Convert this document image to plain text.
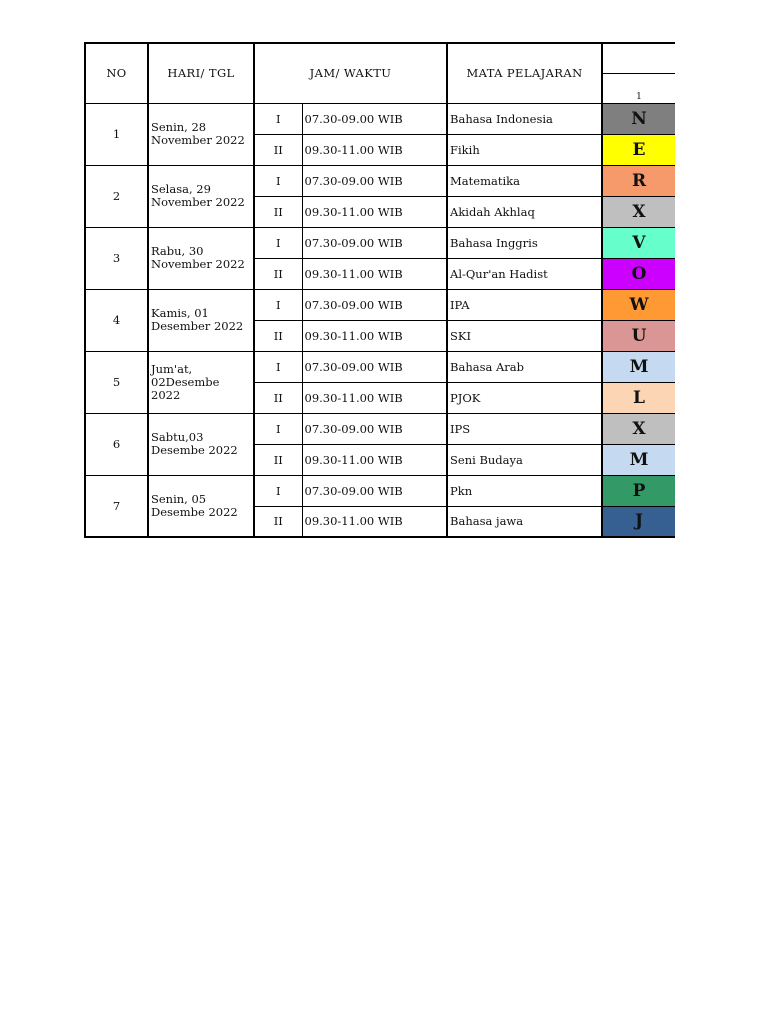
NO	HARI/ TGL	JAM/ WAKTU		MATA PELAJARAN	
					1
1	Senin, 28 November 2022	I	07.30-09.00 WIB	Bahasa Indonesia	N
		II	09.30-11.00 WIB	Fikih	E
2	Selasa, 29 November 2022	I	07.30-09.00 WIB	Matematika	R
		II	09.30-11.00 WIB	Akidah Akhlaq	X
3	Rabu, 30 November 2022	I	07.30-09.00 WIB	Bahasa Inggris	V
		II	09.30-11.00 WIB	Al-Qur'an Hadist	O
4	Kamis, 01 Desember 2022	I	07.30-09.00 WIB	IPA	W
		II	09.30-11.00 WIB	SKI	U
5	Jum'at, 02Desembe 2022	I	07.30-09.00 WIB	Bahasa Arab	M
		II	09.30-11.00 WIB	PJOK	L
6	Sabtu,03 Desembe 2022	I	07.30-09.00 WIB	IPS	X
		II	09.30-11.00 WIB	Seni Budaya	M
7	Senin, 05 Desembe 2022	I	07.30-09.00 WIB	Pkn	P
		II	09.30-11.00 WIB	Bahasa jawa	J
